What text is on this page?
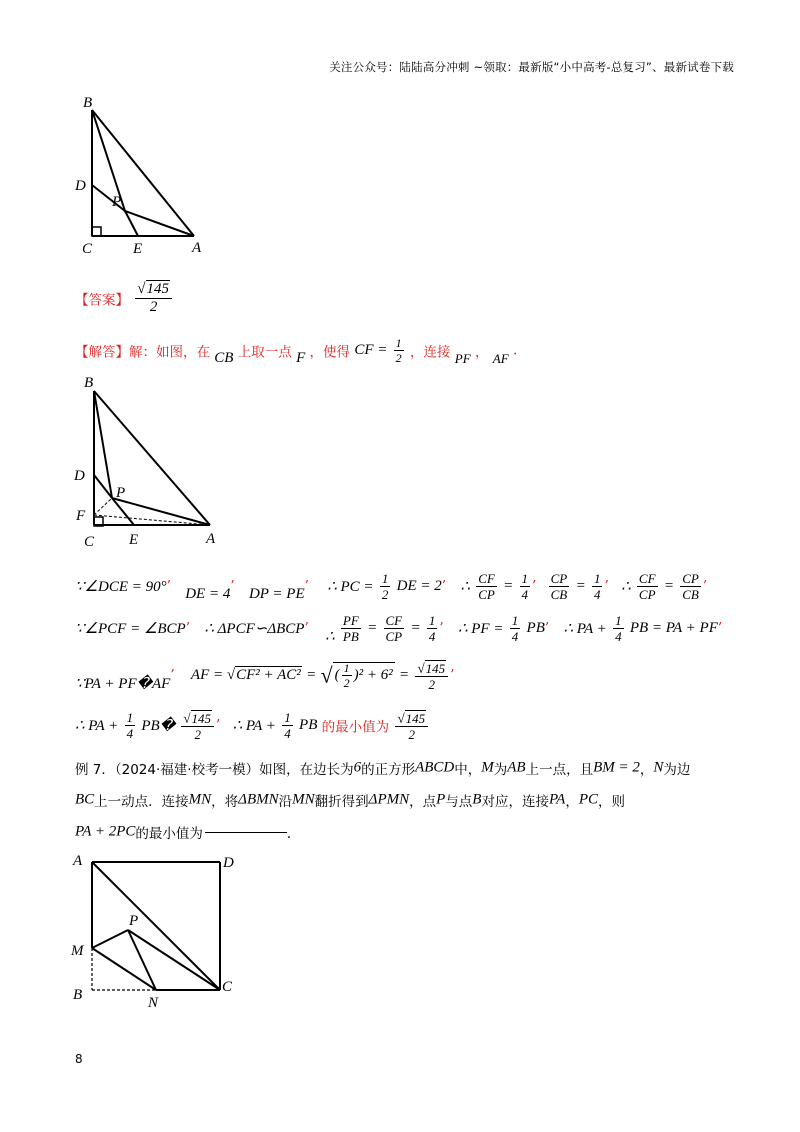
关注公众号：陆陆高分冲刺 ~领取：最新版“小中高考-总复习”、最新试卷下载
B
D
P
C	E	A
【答案】 $\frac{√145}{2}$
【解答】解：如图，在 CB 上取一点 F ，使得 CF = $\frac{1}{2}$ ，连接 PF ， AF .
B
D
P
F
C E	A
∵∠DCE = 90°’ DE = 4’ DP = PE’ ∴ PC = $\frac{1}{2}$ DE = 2’ ∴ $\frac{CF}{CP} = \frac{1}{4}$ ’ $\frac{CP}{CB} = \frac{1}{4}$ ’ ∴ $\frac{CF}{CP} = \frac{CP}{CB}$ ’
∵∠PCF = ∠BCP’ ∴ ΔPCF∽ΔBCP’ ∴ $\frac{PF}{PB} = \frac{CF}{CP} = \frac{1}{4}$ ’ ∴ PF = $\frac{1}{4}$ PB’ ∴ PA + $\frac{1}{4}$ PB = PA + PF’
∵PA + PF�AF’ AF = √CF² + AC² = √ ( $\frac{1}{2} )^2 + 6^2 = \frac{√145}{2}$ ’
∴ PA + $\frac{1}{4}$ PB� $\frac{√145}{2}$ ’ ∴ PA + $\frac{1}{4}$ PB 的最小值为 $\frac{√145}{2}$
例 7．（2024·福建·校考一模）如图，在边长为6的正方形ABCD中，M为AB上一点，且BM = 2，N为边
BC上一动点．连接MN，将ΔBMN沿MN翻折得到ΔPMN，点P与点B对应，连接PA，PC，则
PA + 2PC的最小值为	．
A	D
P
M
B	N
C
8
